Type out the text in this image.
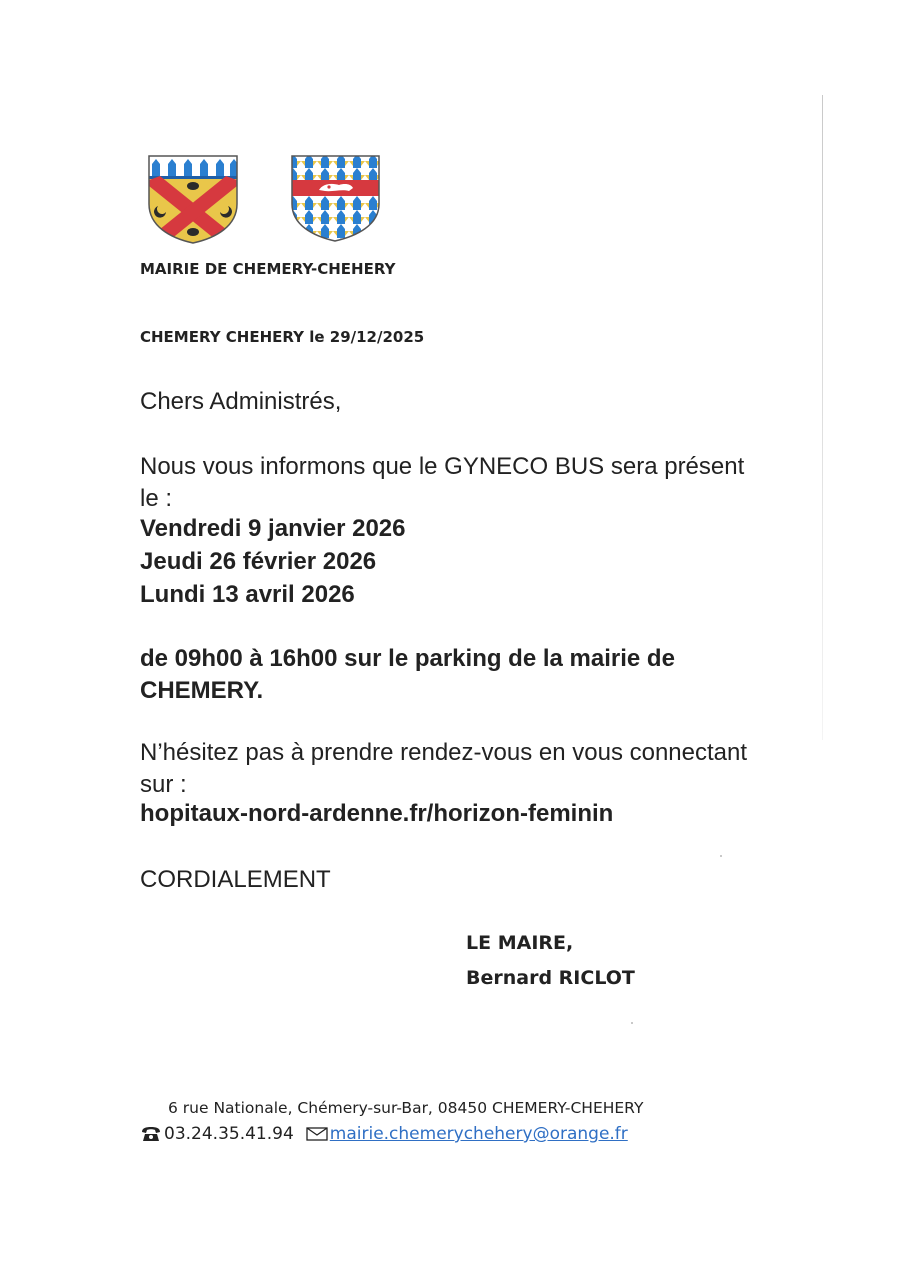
MAIRIE DE CHEMERY-CHEHERY
CHEMERY CHEHERY le 29/12/2025
Chers Administrés,

Nous vous informons que le GYNECO BUS sera présent le :

Vendredi 9 janvier 2026
Jeudi 26 février 2026
Lundi 13 avril 2026

de 09h00 à 16h00 sur le parking de la mairie de CHEMERY.

N’hésitez pas à prendre rendez-vous en vous connectant sur :

hopitaux-nord-ardenne.fr/horizon-feminin
CORDIALEMENT
LE MAIRE,
Bernard RICLOT
6 rue Nationale, Chémery-sur-Bar, 08450 CHEMERY-CHEHERY
03.24.35.41.94 mairie.chemerychehery@orange.fr
